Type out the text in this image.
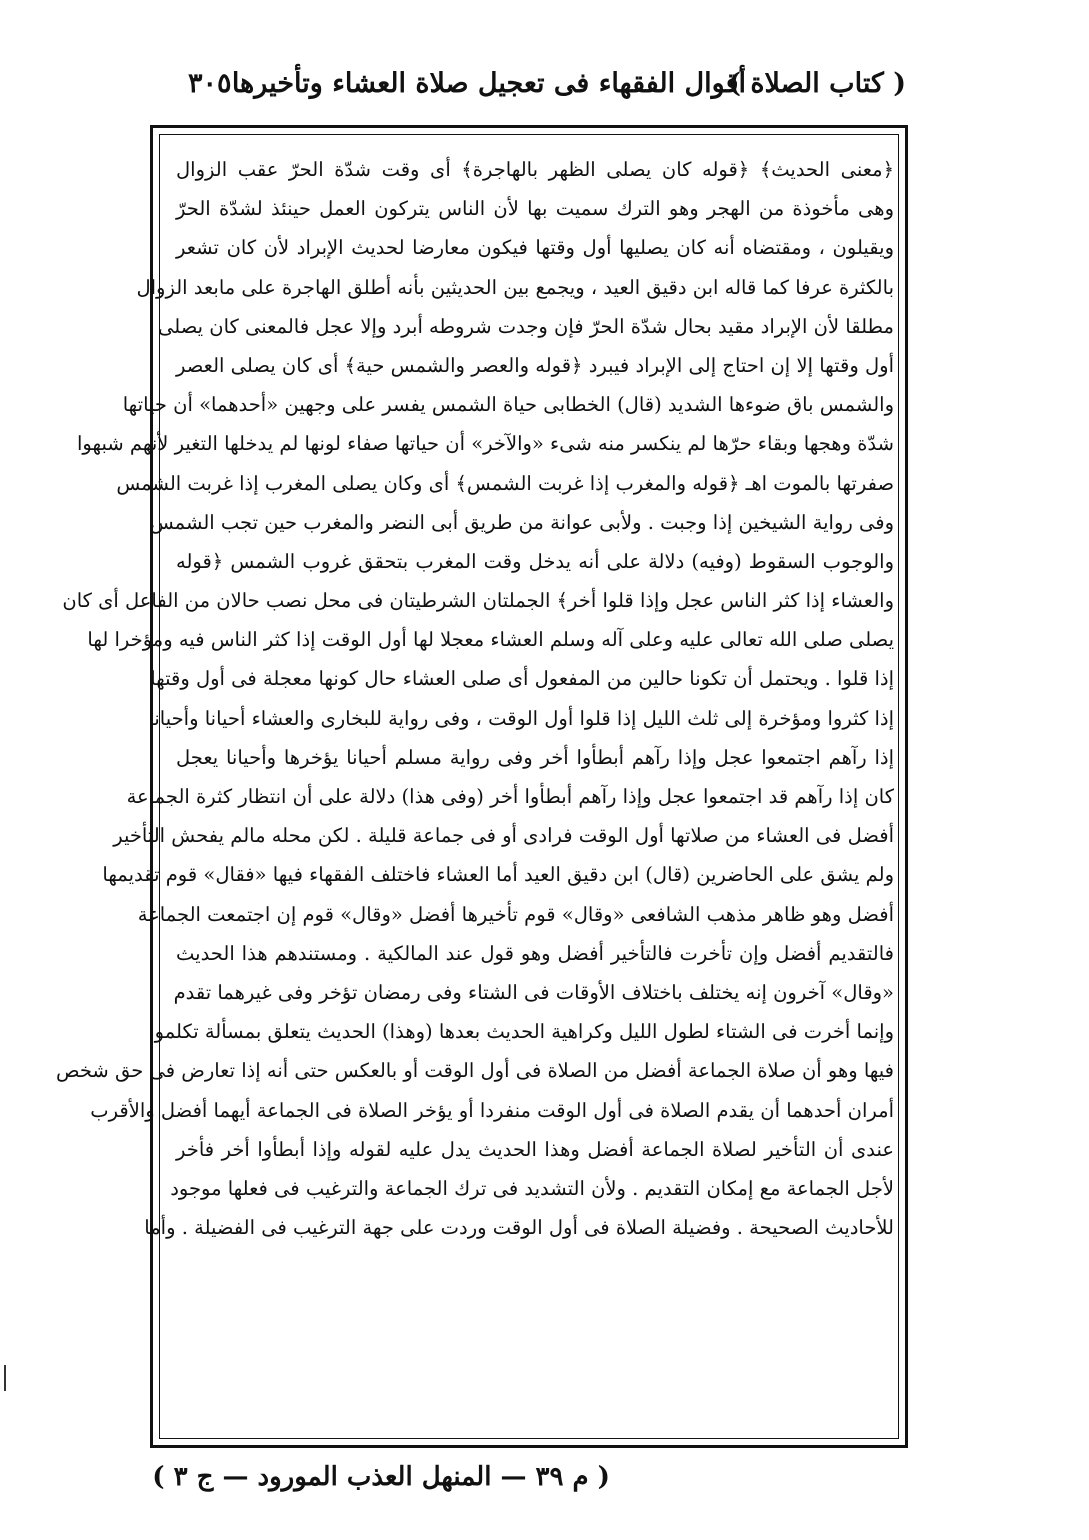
( كتاب الصلاة )
أقوال الفقهاء فى تعجيل صلاة العشاء وتأخيرها
٣٠٥
﴿معنى الحديث﴾ ﴿قوله كان يصلى الظهر بالهاجرة﴾ أى وقت شدّة الحرّ عقب الزوال
وهى مأخوذة من الهجر وهو الترك سميت بها لأن الناس يتركون العمل حينئذ لشدّة الحرّ
ويقيلون ، ومقتضاه أنه كان يصليها أول وقتها فيكون معارضا لحديث الإبراد لأن كان تشعر
بالكثرة عرفا كما قاله ابن دقيق العيد ، ويجمع بين الحديثين بأنه أطلق الهاجرة على مابعد الزوال
مطلقا لأن الإبراد مقيد بحال شدّة الحرّ فإن وجدت شروطه أبرد وإلا عجل فالمعنى كان يصلى
أول وقتها إلا إن احتاج إلى الإبراد فيبرد ﴿قوله والعصر والشمس حية﴾ أى كان يصلى العصر
والشمس باق ضوءها الشديد (قال) الخطابى حياة الشمس يفسر على وجهين «أحدهما» أن حياتها
شدّة وهجها وبقاء حرّها لم ينكسر منه شىء «والآخر» أن حياتها صفاء لونها لم يدخلها التغير لأنهم شبهوا
صفرتها بالموت اهـ ﴿قوله والمغرب إذا غربت الشمس﴾ أى وكان يصلى المغرب إذا غربت الشمس
وفى رواية الشيخين إذا وجبت . ولأبى عوانة من طريق أبى النضر والمغرب حين تجب الشمس
والوجوب السقوط (وفيه) دلالة على أنه يدخل وقت المغرب بتحقق غروب الشمس ﴿قوله
والعشاء إذا كثر الناس عجل وإذا قلوا أخر﴾ الجملتان الشرطيتان فى محل نصب حالان من الفاعل أى كان
يصلى صلى الله تعالى عليه وعلى آله وسلم العشاء معجلا لها أول الوقت إذا كثر الناس فيه ومؤخرا لها
إذا قلوا . ويحتمل أن تكونا حالين من المفعول أى صلى العشاء حال كونها معجلة فى أول وقتها
إذا كثروا ومؤخرة إلى ثلث الليل إذا قلوا أول الوقت ، وفى رواية للبخارى والعشاء أحيانا وأحيانا
إذا رآهم اجتمعوا عجل وإذا رآهم أبطأوا أخر وفى رواية مسلم أحيانا يؤخرها وأحيانا يعجل
كان إذا رآهم قد اجتمعوا عجل وإذا رآهم أبطأوا أخر (وفى هذا) دلالة على أن انتظار كثرة الجماعة
أفضل فى العشاء من صلاتها أول الوقت فرادى أو فى جماعة قليلة . لكن محله مالم يفحش التأخير
ولم يشق على الحاضرين (قال) ابن دقيق العيد أما العشاء فاختلف الفقهاء فيها «فقال» قوم تقديمها
أفضل وهو ظاهر مذهب الشافعى «وقال» قوم تأخيرها أفضل «وقال» قوم إن اجتمعت الجماعة
فالتقديم أفضل وإن تأخرت فالتأخير أفضل وهو قول عند المالكية . ومستندهم هذا الحديث
«وقال» آخرون إنه يختلف باختلاف الأوقات فى الشتاء وفى رمضان تؤخر وفى غيرهما تقدم
وإنما أخرت فى الشتاء لطول الليل وكراهية الحديث بعدها (وهذا) الحديث يتعلق بمسألة تكلموا
فيها وهو أن صلاة الجماعة أفضل من الصلاة فى أول الوقت أو بالعكس حتى أنه إذا تعارض فى حق شخص
أمران أحدهما أن يقدم الصلاة فى أول الوقت منفردا أو يؤخر الصلاة فى الجماعة أيهما أفضل والأقرب
عندى أن التأخير لصلاة الجماعة أفضل وهذا الحديث يدل عليه لقوله وإذا أبطأوا أخر فأخر
لأجل الجماعة مع إمكان التقديم . ولأن التشديد فى ترك الجماعة والترغيب فى فعلها موجود
للأحاديث الصحيحة . وفضيلة الصلاة فى أول الوقت وردت على جهة الترغيب فى الفضيلة . وأما
( م ٣٩ — المنهل العذب المورود — ج ٣ )
